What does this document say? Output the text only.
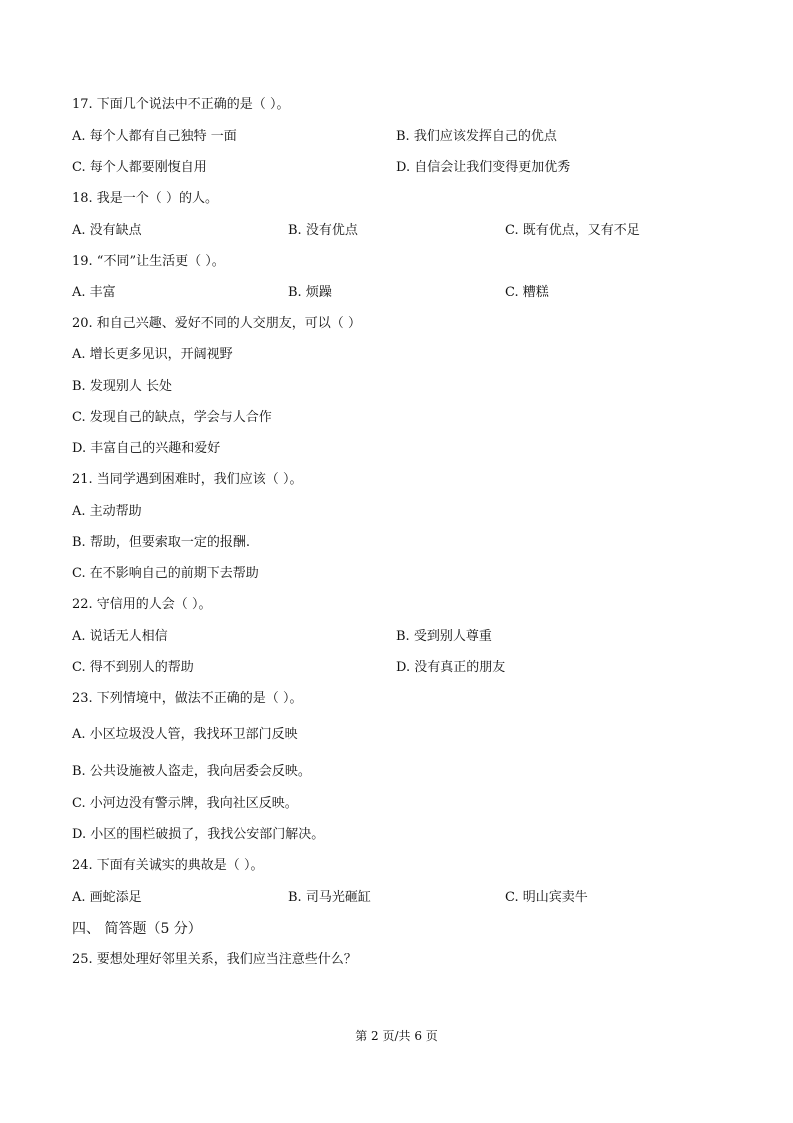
17. 下面几个说法中不正确的是（ ）。
A. 每个人都有自己独特 一面	B. 我们应该发挥自己的优点
C. 每个人都要刚愎自用	D. 自信会让我们变得更加优秀
18. 我是一个（ ）的人。
A. 没有缺点	B. 没有优点	C. 既有优点，又有不足
19. “不同”让生活更（ ）。
A. 丰富	B. 烦躁	C. 糟糕
20. 和自己兴趣、爱好不同的人交朋友，可以（ ）
A. 增长更多见识，开阔视野
B. 发现别人 长处
C. 发现自己的缺点，学会与人合作
D. 丰富自己的兴趣和爱好
21. 当同学遇到困难时，我们应该（ ）。
A. 主动帮助
B. 帮助，但要索取一定的报酬.
C. 在不影响自己的前期下去帮助
22. 守信用的人会（ ）。
A. 说话无人相信	B. 受到别人尊重
C. 得不到别人的帮助	D. 没有真正的朋友
23. 下列情境中，做法不正确的是（ ）。
A. 小区垃圾没人管，我找环卫部门反映
B. 公共设施被人盗走，我向居委会反映。
C. 小河边没有警示牌，我向社区反映。
D. 小区的围栏破损了，我找公安部门解决。
24. 下面有关诚实的典故是（ ）。
A. 画蛇添足	B. 司马光砸缸	C. 明山宾卖牛
四、 简答题（5 分）
25. 要想处理好邻里关系，我们应当注意些什么？
第 2 页/共 6 页
